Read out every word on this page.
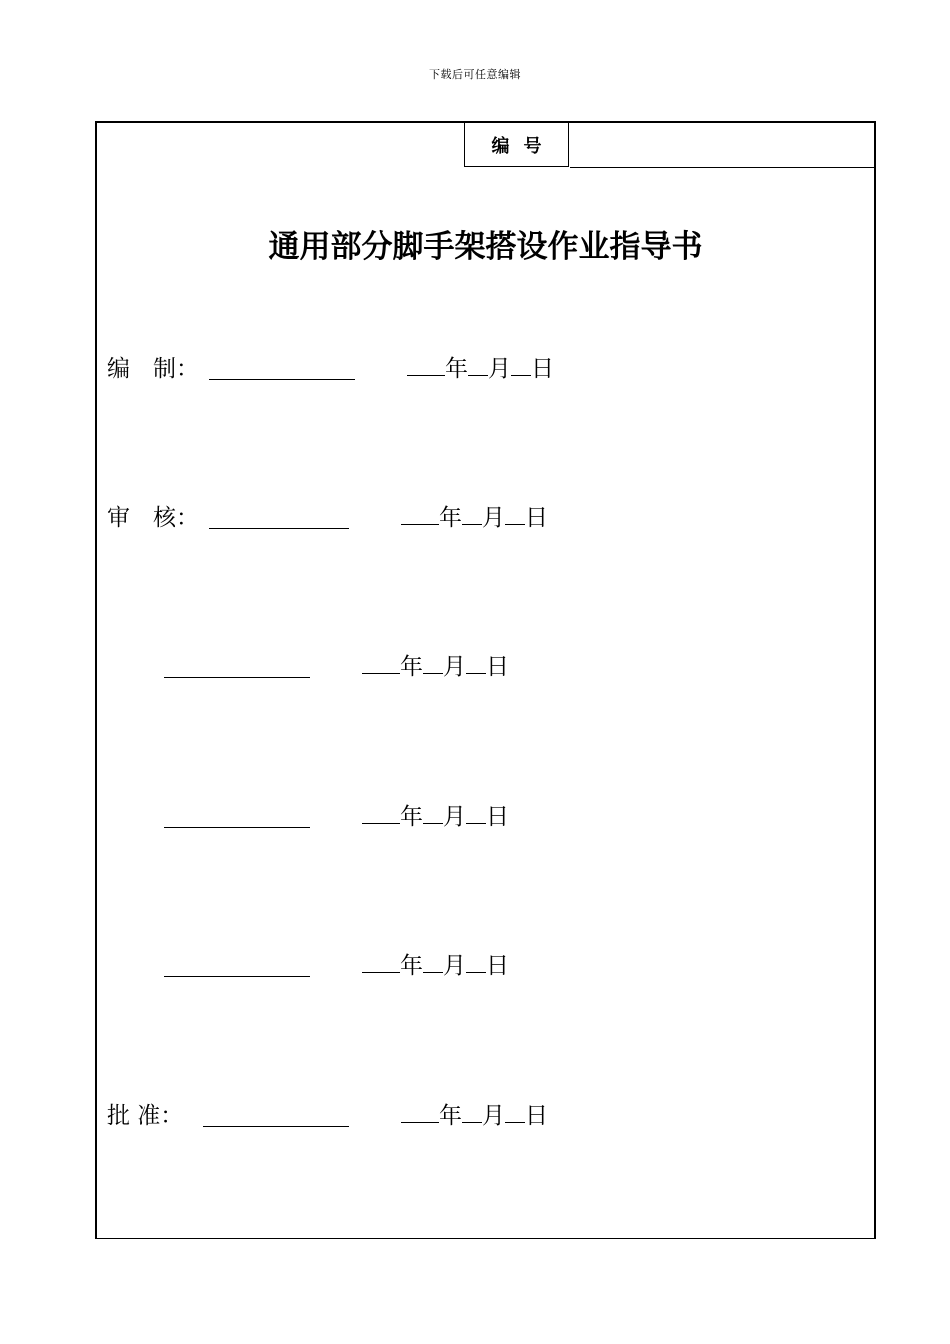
下载后可任意编辑
编号
通用部分脚手架搭设作业指导书
编　制：	年 月 日
审　核：	年 月 日
年 月 日
年 月 日
年 月 日
批 准：	年 月 日
